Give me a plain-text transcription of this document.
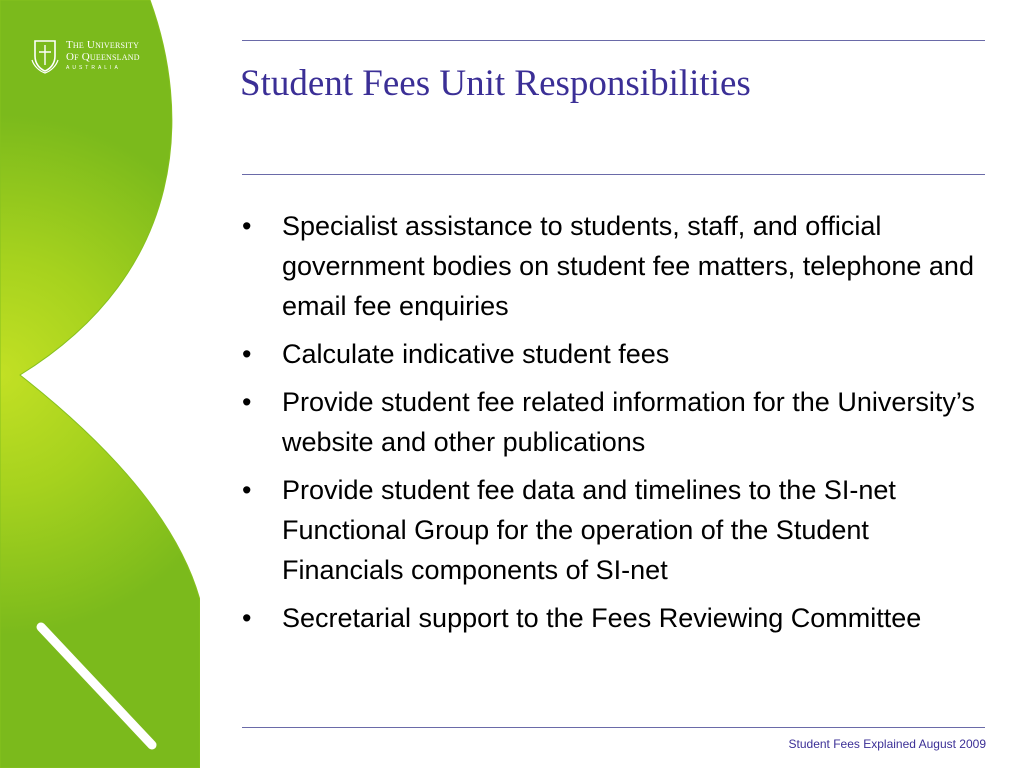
The University
Of Queensland
AUSTRALIA	Student Fees Unit Responsibilities
• Specialist assistance to students, staff, and official government bodies on student fee matters, telephone and email fee enquiries
• Calculate indicative student fees
• Provide student fee related information for the University’s website and other publications
• Provide student fee data and timelines to the SI-net Functional Group for the operation of the Student Financials components of SI-net
• Secretarial support to the Fees Reviewing Committee
Student Fees Explained August 2009
